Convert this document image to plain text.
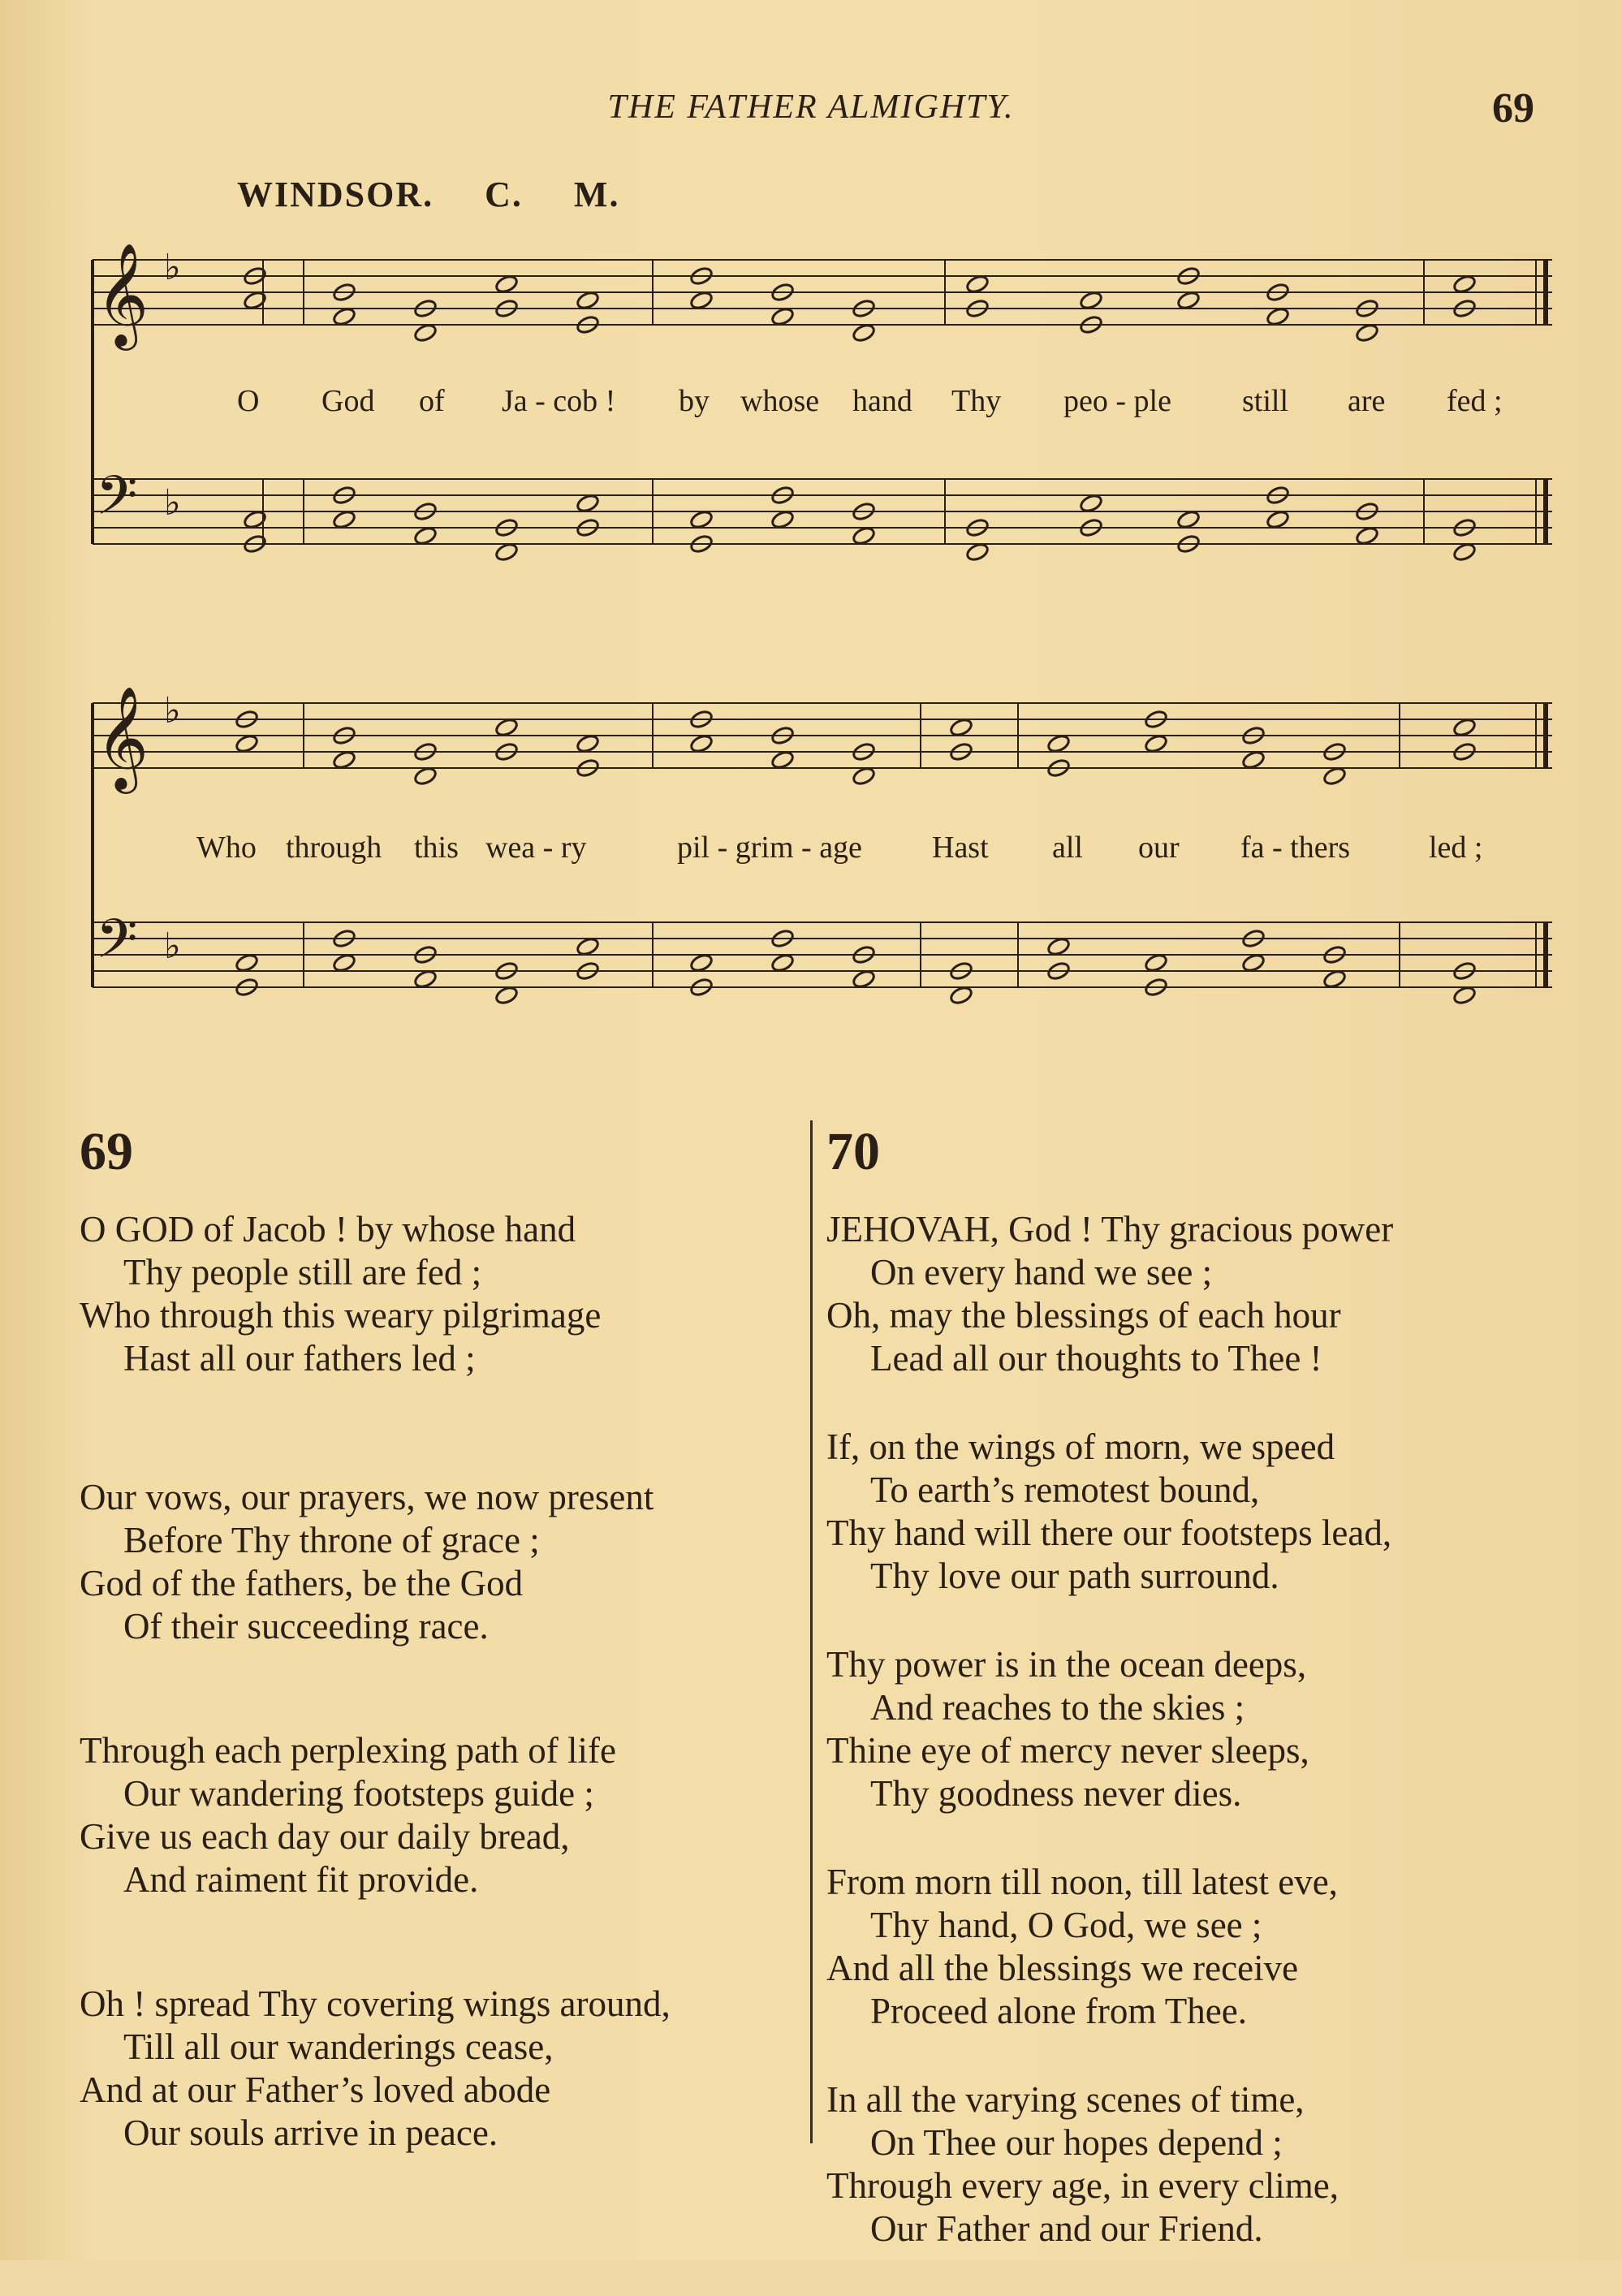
THE FATHER ALMIGHTY.	69
WINDSOR. C. M.
𝄞 ♭
𝄢 ♭
O God of Ja - cob ! by whose hand Thy peo - ple still are fed ;
𝄞 ♭
𝄢 ♭
Who through this wea - ry	pil - grim - age Hast all our fa - thers	led ;
69
O GOD of Jacob ! by whose hand
Thy people still are fed ;
Who through this weary pilgrimage
Hast all our fathers led ;
Our vows, our prayers, we now present
Before Thy throne of grace ;
God of the fathers, be the God
Of their succeeding race.
Through each perplexing path of life
Our wandering footsteps guide ;
Give us each day our daily bread,
And raiment fit provide.
Oh ! spread Thy covering wings around,
Till all our wanderings cease,
And at our Father’s loved abode
Our souls arrive in peace.
70
JEHOVAH, God ! Thy gracious power
On every hand we see ;
Oh, may the blessings of each hour
Lead all our thoughts to Thee !
If, on the wings of morn, we speed
To earth’s remotest bound,
Thy hand will there our footsteps lead,
Thy love our path surround.
Thy power is in the ocean deeps,
And reaches to the skies ;
Thine eye of mercy never sleeps,
Thy goodness never dies.
From morn till noon, till latest eve,
Thy hand, O God, we see ;
And all the blessings we receive
Proceed alone from Thee.
In all the varying scenes of time,
On Thee our hopes depend ;
Through every age, in every clime,
Our Father and our Friend.
